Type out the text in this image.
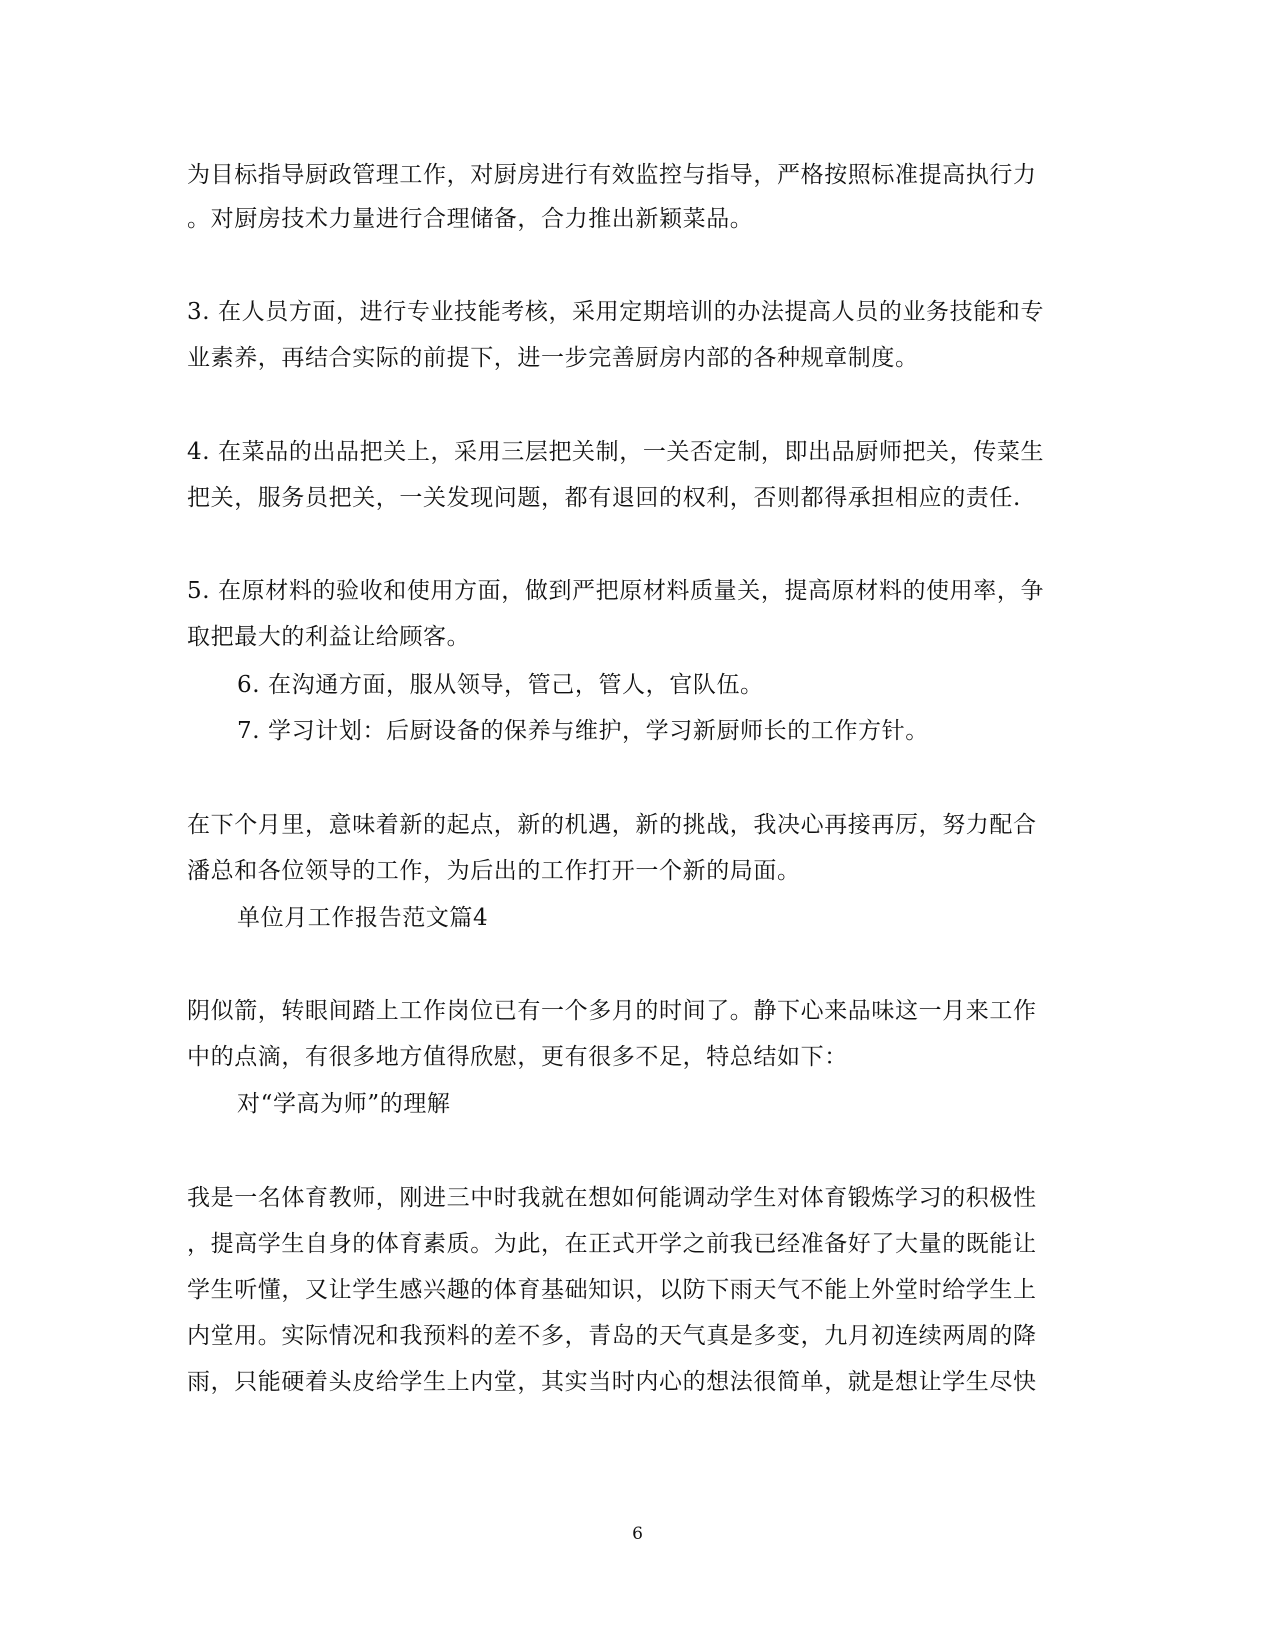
为目标指导厨政管理工作，对厨房进行有效监控与指导，严格按照标准提高执行力
。对厨房技术力量进行合理储备，合力推出新颖菜品。
3. 在人员方面，进行专业技能考核，采用定期培训的办法提高人员的业务技能和专
业素养，再结合实际的前提下，进一步完善厨房内部的各种规章制度。
4. 在菜品的出品把关上，采用三层把关制，一关否定制，即出品厨师把关，传菜生
把关，服务员把关，一关发现问题，都有退回的权利，否则都得承担相应的责任.
5. 在原材料的验收和使用方面，做到严把原材料质量关，提高原材料的使用率，争
取把最大的利益让给顾客。
6. 在沟通方面，服从领导，管己，管人，官队伍。
7. 学习计划：后厨设备的保养与维护，学习新厨师长的工作方针。
在下个月里，意味着新的起点，新的机遇，新的挑战，我决心再接再厉，努力配合
潘总和各位领导的工作，为后出的工作打开一个新的局面。
单位月工作报告范文篇4
阴似箭，转眼间踏上工作岗位已有一个多月的时间了。静下心来品味这一月来工作
中的点滴，有很多地方值得欣慰，更有很多不足，特总结如下：
对“学高为师”的理解
我是一名体育教师，刚进三中时我就在想如何能调动学生对体育锻炼学习的积极性
，提高学生自身的体育素质。为此，在正式开学之前我已经准备好了大量的既能让
学生听懂，又让学生感兴趣的体育基础知识，以防下雨天气不能上外堂时给学生上
内堂用。实际情况和我预料的差不多，青岛的天气真是多变，九月初连续两周的降
雨，只能硬着头皮给学生上内堂，其实当时内心的想法很简单，就是想让学生尽快
6
